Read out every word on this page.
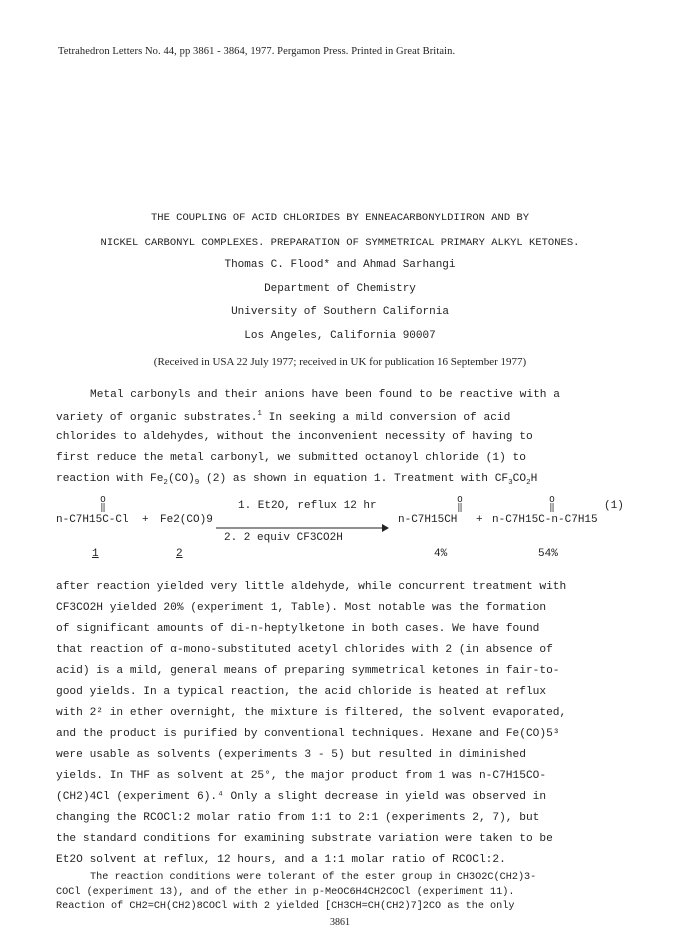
Tetrahedron Letters No. 44, pp 3861 - 3864, 1977. Pergamon Press. Printed in Great Britain.
THE COUPLING OF ACID CHLORIDES BY ENNEACARBONYLDIIRON AND BY
NICKEL CARBONYL COMPLEXES. PREPARATION OF SYMMETRICAL PRIMARY ALKYL KETONES.
Thomas C. Flood* and Ahmad Sarhangi
Department of Chemistry
University of Southern California
Los Angeles, California 90007
(Received in USA 22 July 1977; received in UK for publication 16 September 1977)
Metal carbonyls and their anions have been found to be reactive with a
variety of organic substrates.$^1$ In seeking a mild conversion of acid
chlorides to aldehydes, without the inconvenient necessity of having to
first reduce the metal carbonyl, we submitted octanoyl chloride (1) to
reaction with $Fe_2(CO)_9$ (2) as shown in equation 1. Treatment with $CF_3CO_2H$
O
‖
n-C7H15C-Cl + Fe2(CO)9
1. Et2O, reflux 12 hr
2. 2 equiv CF3CO2H
O
‖
n-C7H15CH +
O
‖
n-C7H15C-n-C7H15
(1)
1	2	4%	54%
after reaction yielded very little aldehyde, while concurrent treatment with
CF3CO2H yielded 20% (experiment 1, Table). Most notable was the formation
of significant amounts of di-n-heptylketone in both cases. We have found
that reaction of α-mono-substituted acetyl chlorides with 2 (in absence of
acid) is a mild, general means of preparing symmetrical ketones in fair-to-
good yields. In a typical reaction, the acid chloride is heated at reflux
with 2² in ether overnight, the mixture is filtered, the solvent evaporated,
and the product is purified by conventional techniques. Hexane and Fe(CO)5³
were usable as solvents (experiments 3 - 5) but resulted in diminished
yields. In THF as solvent at 25°, the major product from 1 was n-C7H15CO-
(CH2)4Cl (experiment 6).⁴ Only a slight decrease in yield was observed in
changing the RCOCl:2 molar ratio from 1:1 to 2:1 (experiments 2, 7), but
the standard conditions for examining substrate variation were taken to be
Et2O solvent at reflux, 12 hours, and a 1:1 molar ratio of RCOCl:2.
The reaction conditions were tolerant of the ester group in CH3O2C(CH2)3-
COCl (experiment 13), and of the ether in p-MeOC6H4CH2COCl (experiment 11).
Reaction of CH2=CH(CH2)8COCl with 2 yielded [CH3CH=CH(CH2)7]2CO as the only
3861
